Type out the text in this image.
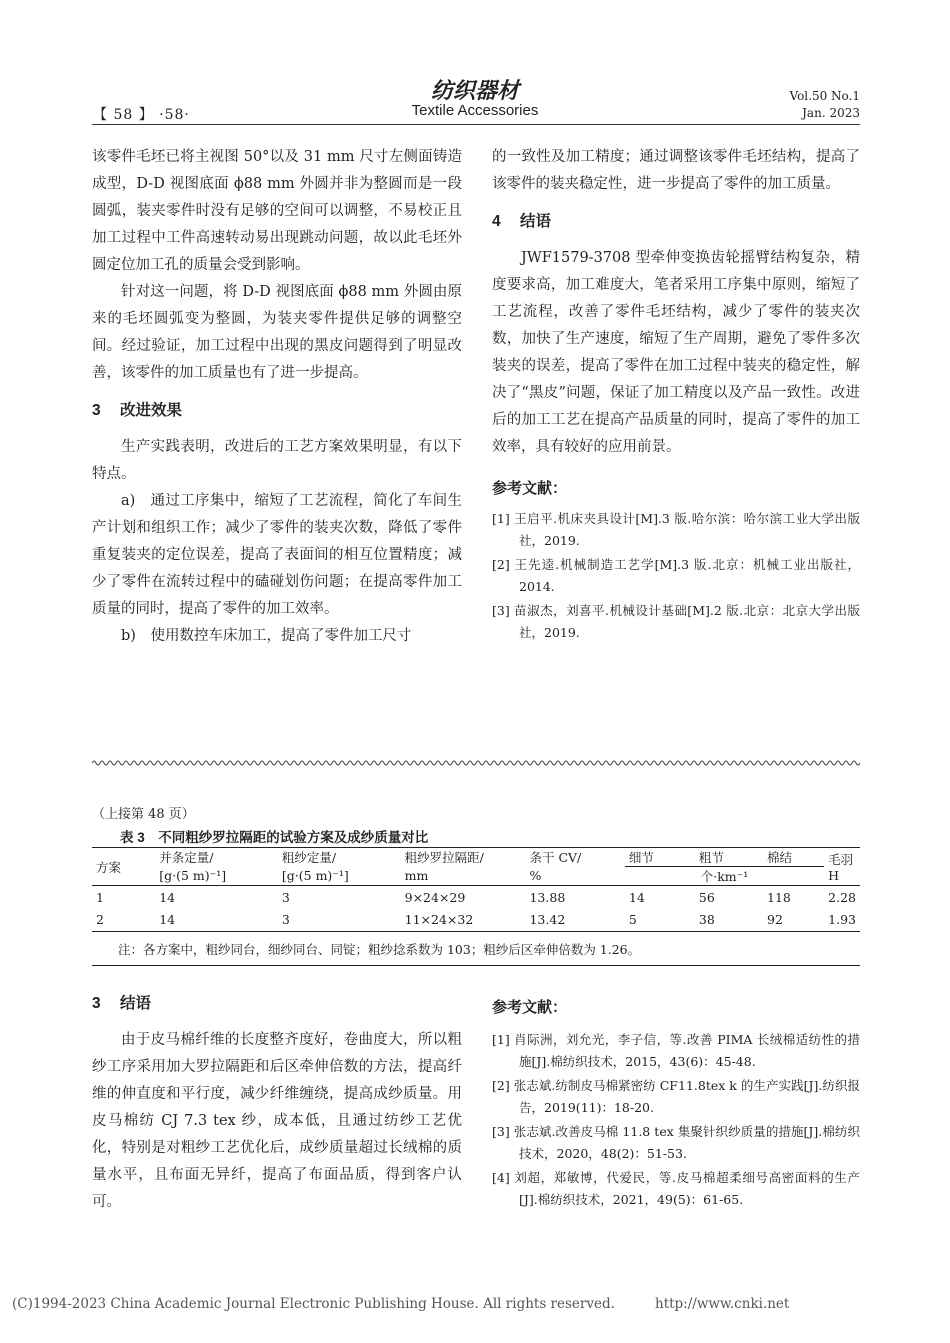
【 58 】 ·58·
纺织器材
Textile Accessories
Vol.50 No.1
Jan. 2023

该零件毛坯已将主视图 50°以及 31 mm 尺寸左侧面铸造成型，D-D 视图底面 ϕ88 mm 外圆并非为整圆而是一段圆弧，装夹零件时没有足够的空间可以调整，不易校正且加工过程中工件高速转动易出现跳动问题，故以此毛坯外圆定位加工孔的质量会受到影响。

针对这一问题，将 D-D 视图底面 ϕ88 mm 外圆由原来的毛坯圆弧变为整圆，为装夹零件提供足够的调整空间。经过验证，加工过程中出现的黑皮问题得到了明显改善，该零件的加工质量也有了进一步提高。

3 改进效果

生产实践表明，改进后的工艺方案效果明显，有以下特点。

a)　通过工序集中，缩短了工艺流程，简化了车间生产计划和组织工作；减少了零件的装夹次数，降低了零件重复装夹的定位误差，提高了表面间的相互位置精度；减少了零件在流转过程中的磕碰划伤问题；在提高零件加工质量的同时，提高了零件的加工效率。

b)　使用数控车床加工，提高了零件加工尺寸

的一致性及加工精度；通过调整该零件毛坯结构，提高了该零件的装夹稳定性，进一步提高了零件的加工质量。

4 结语

JWF1579-3708 型牵伸变换齿轮摇臂结构复杂，精度要求高，加工难度大，笔者采用工序集中原则，缩短了工艺流程，改善了零件毛坯结构，减少了零件的装夹次数，加快了生产速度，缩短了生产周期，避免了零件多次装夹的误差，提高了零件在加工过程中装夹的稳定性，解决了“黑皮”问题，保证了加工精度以及产品一致性。改进后的加工工艺在提高产品质量的同时，提高了零件的加工效率，具有较好的应用前景。

参考文献：

[1] 王启平.机床夹具设计[M].3 版.哈尔滨：哈尔滨工业大学出版社，2019.

[2] 王先逵.机械制造工艺学[M].3 版.北京：机械工业出版社，2014.

[3] 苗淑杰，刘喜平.机械设计基础[M].2 版.北京：北京大学出版社，2019.

（上接第 48 页）
表 3　不同粗纱罗拉隔距的试验方案及成纱质量对比
方案	并条定量/	粗纱定量/	粗纱罗拉隔距/	条干 CV/	细节	粗节	棉结	毛羽 H
	[g·(5 m)⁻¹]	[g·(5 m)⁻¹]	mm	%	个·km⁻¹			
1	14	3	9×24×29	13.88	14	56	118	2.28
2	14	3	11×24×32	13.42	5	38	92	1.93
注：各方案中，粗纱同台，细纱同台、同锭；粗纱捻系数为 103；粗纱后区牵伸倍数为 1.26。								

3 结语

由于皮马棉纤维的长度整齐度好，卷曲度大，所以粗纱工序采用加大罗拉隔距和后区牵伸倍数的方法，提高纤维的伸直度和平行度，减少纤维缠绕，提高成纱质量。用皮马棉纺 CJ 7.3 tex 纱，成本低，且通过纺纱工艺优化，特别是对粗纱工艺优化后，成纱质量超过长绒棉的质量水平，且布面无异纤，提高了布面品质，得到客户认可。

参考文献：

[1] 肖际洲，刘允光，李子信，等.改善 PIMA 长绒棉适纺性的措施[J].棉纺织技术，2015，43(6)：45-48.

[2] 张志斌.纺制皮马棉紧密纺 CF11.8tex k 的生产实践[J].纺织报告，2019(11)：18-20.

[3] 张志斌.改善皮马棉 11.8 tex 集聚针织纱质量的措施[J].棉纺织技术，2020，48(2)：51-53.

[4] 刘超，郑敏博，代爱民，等.皮马棉超柔细号高密面料的生产[J].棉纺织技术，2021，49(5)：61-65.

(C)1994-2023 China Academic Journal Electronic Publishing House. All rights reserved.	http://www.cnki.net
